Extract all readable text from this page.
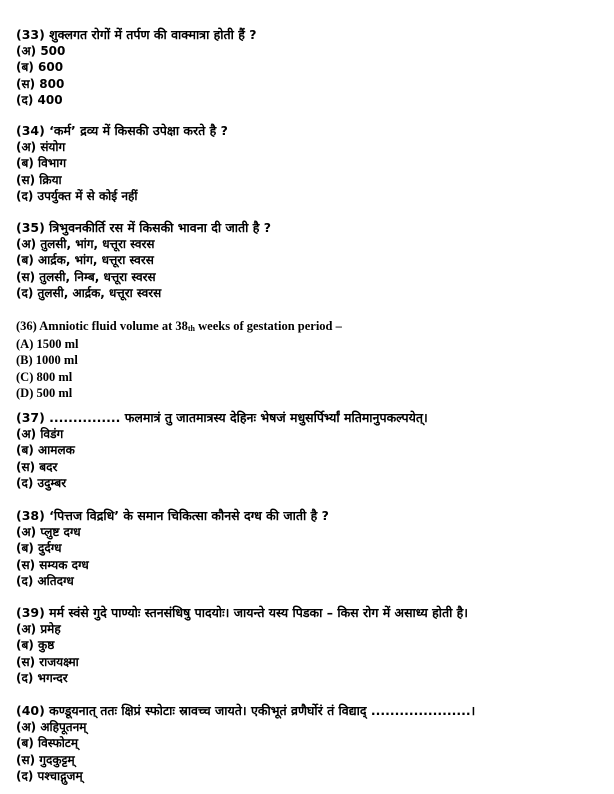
(33) शुक्लगत रोगों में तर्पण की वाक्मात्रा होती हैं ?
(अ) 500
(ब) 600
(स) 800
(द) 400
(34) ‘कर्म’ द्रव्य में किसकी उपेक्षा करते है ?
(अ) संयोग
(ब) विभाग
(स) क्रिया
(द) उपर्युक्त में से कोई नहीं
(35) त्रिभुवनकीर्ति रस में किसकी भावना दी जाती है ?
(अ) तुलसी, भांग, धत्तूरा स्वरस
(ब) आर्द्रक, भांग, धत्तूरा स्वरस
(स) तुलसी, निम्ब, धत्तूरा स्वरस
(द) तुलसी, आर्द्रक, धत्तूरा स्वरस
(36) Amniotic fluid volume at $38_{th}$ weeks of gestation period –
(A) 1500 ml
(B) 1000 ml
(C) 800 ml
(D) 500 ml
(37) ............... फलमात्रं तु जातमात्रस्य देहिनः भेषजं मधुसर्पिर्भ्यां मतिमानुपकल्पयेत्।
(अ) विडंग
(ब) आमलक
(स) बदर
(द) उदुम्बर
(38) ‘पित्तज विद्रधि’ के समान चिकित्सा कौनसे दग्ध की जाती है ?
(अ) प्लुष्ट दग्ध
(ब) दुर्दग्ध
(स) सम्यक दग्ध
(द) अतिदग्ध
(39) मर्म स्वंसे गुदे पाण्योः स्तनसंधिषु पादयोः। जायन्ते यस्य पिडका – किस रोग में असाध्य होती है।
(अ) प्रमेह
(ब) कुष्ठ
(स) राजयक्ष्मा
(द) भगन्दर
(40) कण्डूयनात् ततः क्षिप्रं स्फोटाः स्रावच्च जायते। एकीभूतं व्रणैर्घोरं तं विद्याद् .....................।
(अ) अहिपूतनम्
(ब) विस्फोटम्
(स) गुदकुट्टम्
(द) पश्चाद्गुजम्
